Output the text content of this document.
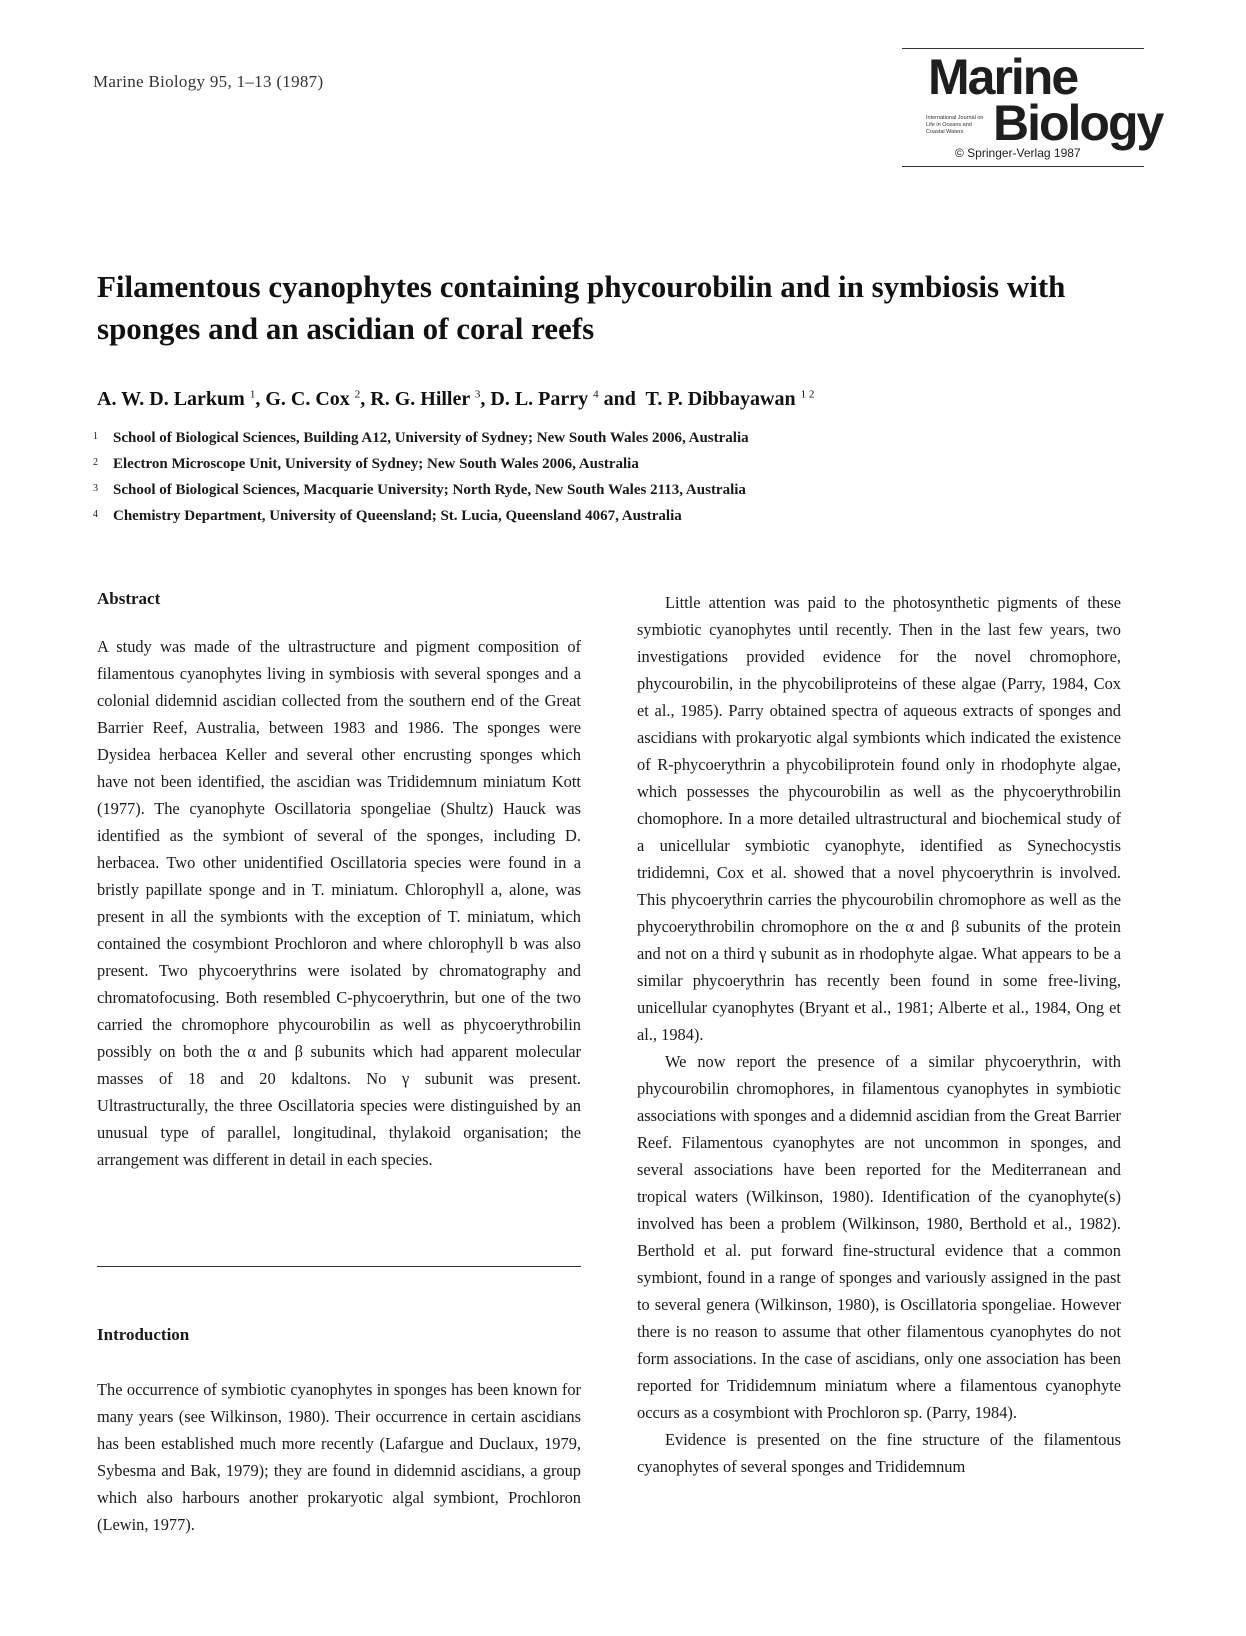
Marine Biology 95, 1–13 (1987)	Marine
International Journal on Life in Oceans and Coastal Waters Biology
© Springer-Verlag 1987
Filamentous cyanophytes containing phycourobilin and in symbiosis with sponges and an ascidian of coral reefs
A. W. D. Larkum $^1$, G. C. Cox $^2$, R. G. Hiller $^3$, D. L. Parry $^4$ and  T. P. Dibbayawan $^{1 2}$
1 School of Biological Sciences, Building A12, University of Sydney; New South Wales 2006, Australia
2 Electron Microscope Unit, University of Sydney; New South Wales 2006, Australia
3 School of Biological Sciences, Macquarie University; North Ryde, New South Wales 2113, Australia
4 Chemistry Department, University of Queensland; St. Lucia, Queensland 4067, Australia
Abstract

A study was made of the ultrastructure and pigment composition of filamentous cyanophytes living in symbiosis with several sponges and a colonial didemnid ascidian collected from the southern end of the Great Barrier Reef, Australia, between 1983 and 1986. The sponges were Dysidea herbacea Keller and several other encrusting sponges which have not been identified, the ascidian was Trididemnum miniatum Kott (1977). The cyanophyte Oscillatoria spongeliae (Shultz) Hauck was identified as the symbiont of several of the sponges, including D. herbacea. Two other unidentified Oscillatoria species were found in a bristly papillate sponge and in T. miniatum. Chlorophyll a, alone, was present in all the symbionts with the exception of T. miniatum, which contained the cosymbiont Prochloron and where chlorophyll b was also present. Two phycoerythrins were isolated by chromatography and chromatofocusing. Both resembled C-phycoerythrin, but one of the two carried the chromophore phycourobilin as well as phycoerythrobilin possibly on both the α and β subunits which had apparent molecular masses of 18 and 20 kdaltons. No γ subunit was present. Ultrastructurally, the three Oscillatoria species were distinguished by an unusual type of parallel, longitudinal, thylakoid organisation; the arrangement was different in detail in each species.

Introduction

The occurrence of symbiotic cyanophytes in sponges has been known for many years (see Wilkinson, 1980). Their occurrence in certain ascidians has been established much more recently (Lafargue and Duclaux, 1979, Sybesma and Bak, 1979); they are found in didemnid ascidians, a group which also harbours another prokaryotic algal symbiont, Prochloron (Lewin, 1977).

Little attention was paid to the photosynthetic pigments of these symbiotic cyanophytes until recently. Then in the last few years, two investigations provided evidence for the novel chromophore, phycourobilin, in the phycobiliproteins of these algae (Parry, 1984, Cox et al., 1985). Parry obtained spectra of aqueous extracts of sponges and ascidians with prokaryotic algal symbionts which indicated the existence of R-phycoerythrin a phycobiliprotein found only in rhodophyte algae, which possesses the phycourobilin as well as the phycoerythrobilin chomophore. In a more detailed ultrastructural and biochemical study of a unicellular symbiotic cyanophyte, identified as Synechocystis trididemni, Cox et al. showed that a novel phycoerythrin is involved. This phycoerythrin carries the phycourobilin chromophore as well as the phycoerythrobilin chromophore on the α and β subunits of the protein and not on a third γ subunit as in rhodophyte algae. What appears to be a similar phycoerythrin has recently been found in some free-living, unicellular cyanophytes (Bryant et al., 1981; Alberte et al., 1984, Ong et al., 1984).

We now report the presence of a similar phycoerythrin, with phycourobilin chromophores, in filamentous cyanophytes in symbiotic associations with sponges and a didemnid ascidian from the Great Barrier Reef. Filamentous cyanophytes are not uncommon in sponges, and several associations have been reported for the Mediterranean and tropical waters (Wilkinson, 1980). Identification of the cyanophyte(s) involved has been a problem (Wilkinson, 1980, Berthold et al., 1982). Berthold et al. put forward fine-structural evidence that a common symbiont, found in a range of sponges and variously assigned in the past to several genera (Wilkinson, 1980), is Oscillatoria spongeliae. However there is no reason to assume that other filamentous cyanophytes do not form associations. In the case of ascidians, only one association has been reported for Trididemnum miniatum where a filamentous cyanophyte occurs as a cosymbiont with Prochloron sp. (Parry, 1984).

Evidence is presented on the fine structure of the filamentous cyanophytes of several sponges and Trididemnum
